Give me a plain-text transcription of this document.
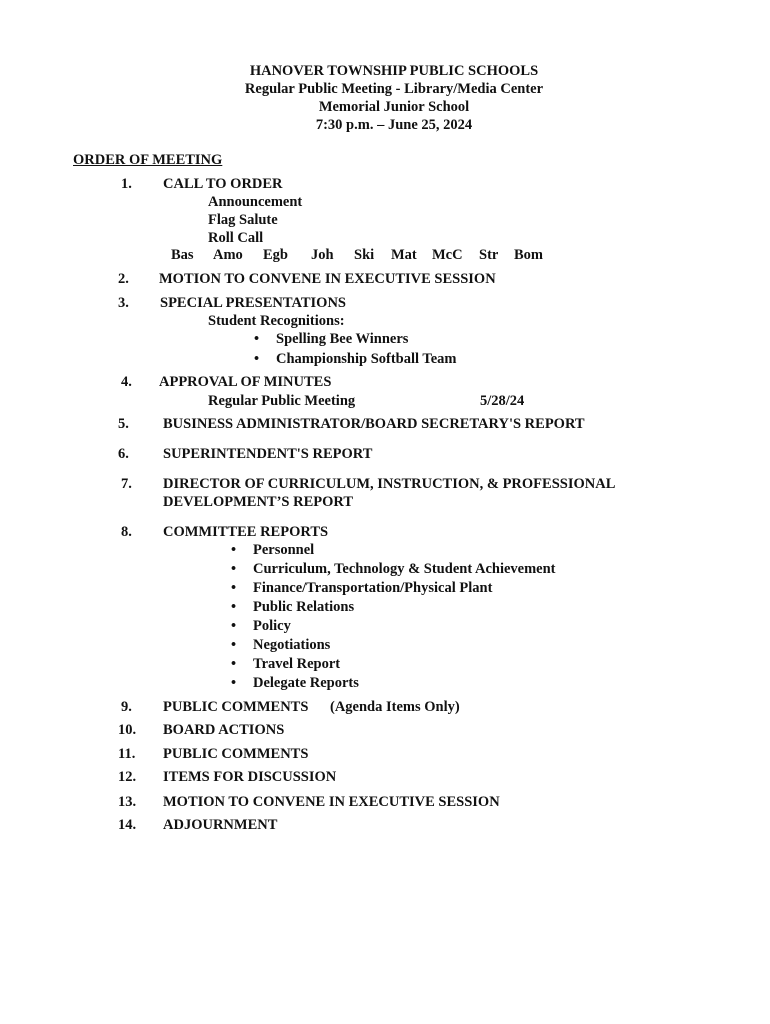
HANOVER TOWNSHIP PUBLIC SCHOOLS
Regular Public Meeting - Library/Media Center
Memorial Junior School
7:30 p.m. – June 25, 2024
ORDER OF MEETING
1. CALL TO ORDER
Announcement
Flag Salute
Roll Call
Bas Amo Egb Joh Ski Mat McC Str Bom
2. MOTION TO CONVENE IN EXECUTIVE SESSION
3. SPECIAL PRESENTATIONS
Student Recognitions:
• Spelling Bee Winners
• Championship Softball Team
4. APPROVAL OF MINUTES
Regular Public Meeting	5/28/24
5. BUSINESS ADMINISTRATOR/BOARD SECRETARY'S REPORT
6. SUPERINTENDENT'S REPORT
7. DIRECTOR OF CURRICULUM, INSTRUCTION, & PROFESSIONAL
DEVELOPMENT’S REPORT
8. COMMITTEE REPORTS
• Personnel
• Curriculum, Technology & Student Achievement
• Finance/Transportation/Physical Plant
• Public Relations
• Policy
• Negotiations
• Travel Report
• Delegate Reports
9. PUBLIC COMMENTS (Agenda Items Only)
10. BOARD ACTIONS
11. PUBLIC COMMENTS
12. ITEMS FOR DISCUSSION
13. MOTION TO CONVENE IN EXECUTIVE SESSION
14. ADJOURNMENT
